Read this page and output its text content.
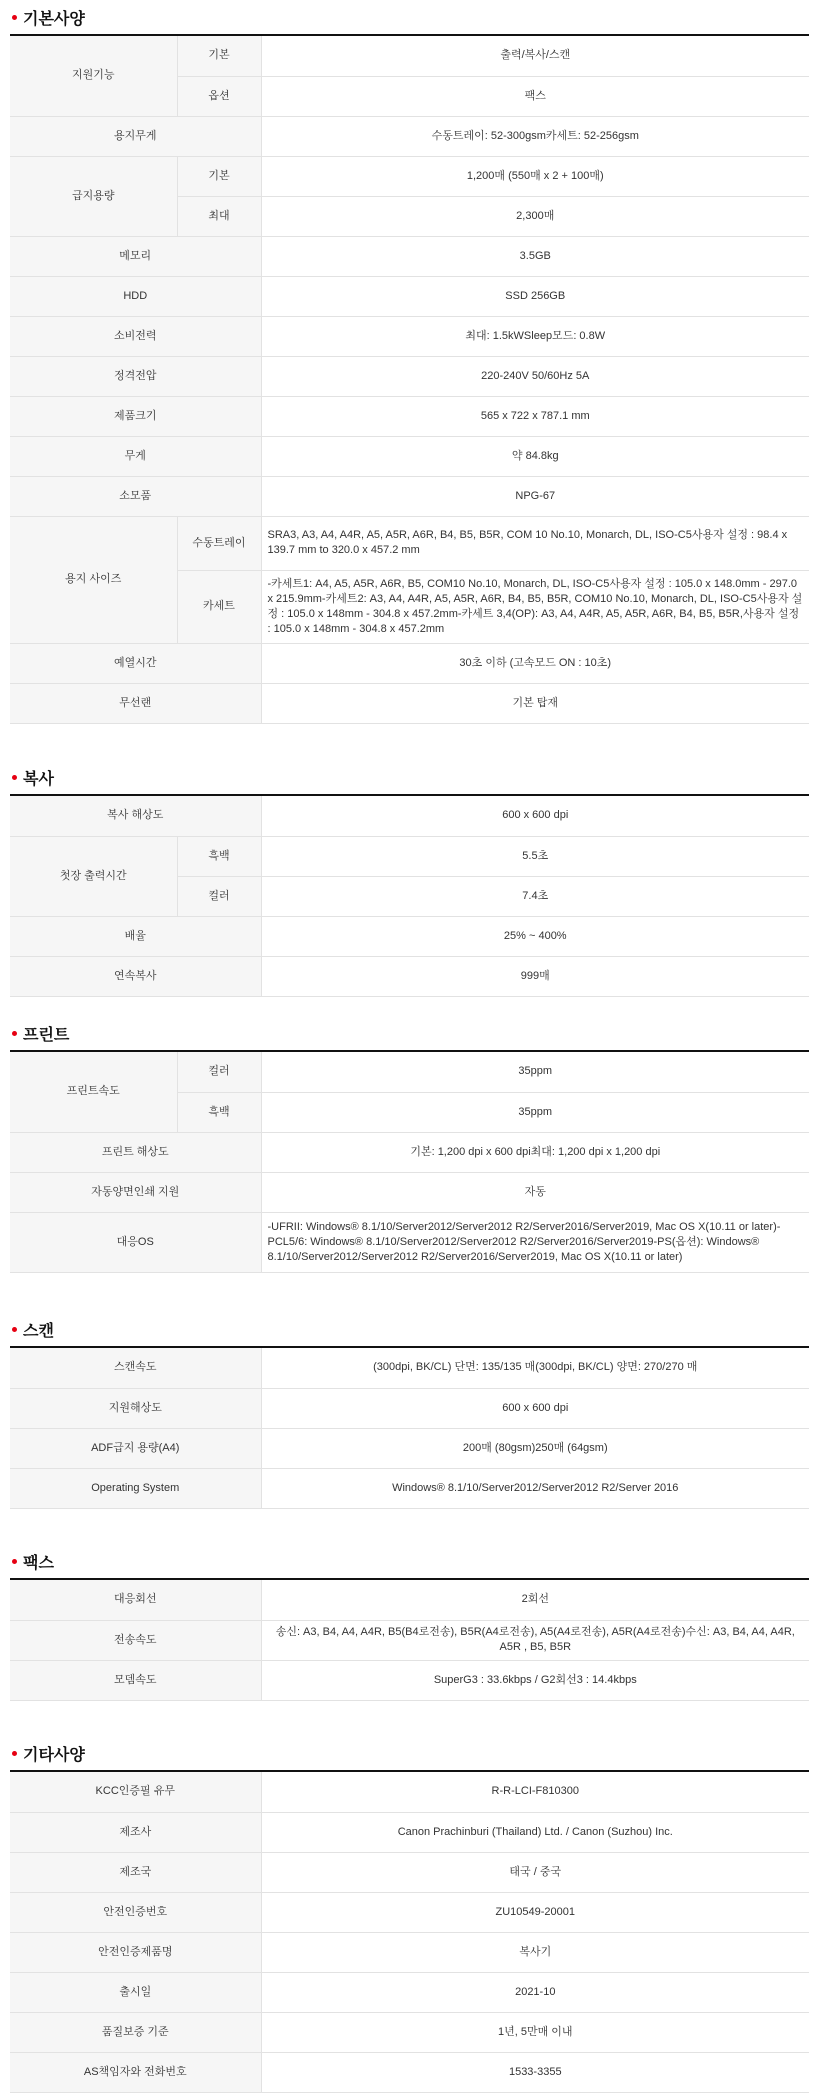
기본사양
지원기능	기본	출력/복사/스캔
	옵션	팩스
용지무게		수동트레이: 52-300gsm카세트: 52-256gsm
급지용량	기본	1,200매 (550매 x 2 + 100매)
	최대	2,300매
메모리		3.5GB
HDD		SSD 256GB
소비전력		최대: 1.5kWSleep모드: 0.8W
정격전압		220-240V 50/60Hz 5A
제품크기		565 x 722 x 787.1 mm
무게		약 84.8kg
소모품		NPG-67
용지 사이즈	수동트레이	SRA3, A3, A4, A4R, A5, A5R, A6R, B4, B5, B5R, COM 10 No.10, Monarch, DL, ISO-C5사용자 설정 : 98.4 x 139.7 mm to 320.0 x 457.2 mm
	카세트	-카세트1: A4, A5, A5R, A6R, B5, COM10 No.10, Monarch, DL, ISO-C5사용자 설정 : 105.0 x 148.0mm - 297.0 x 215.9mm-카세트2: A3, A4, A4R, A5, A5R, A6R, B4, B5, B5R, COM10 No.10, Monarch, DL, ISO-C5사용자 설정 : 105.0 x 148mm - 304.8 x 457.2mm-카세트 3,4(OP): A3, A4, A4R, A5, A5R, A6R, B4, B5, B5R,사용자 설정 : 105.0 x 148mm - 304.8 x 457.2mm
예열시간		30초 이하 (고속모드 ON : 10초)
무선랜		기본 탑재
복사
복사 해상도		600 x 600 dpi
첫장 출력시간	흑백	5.5초
	컬러	7.4초
배율		25% ~ 400%
연속복사		999매
프린트
프린트속도	컬러	35ppm
	흑백	35ppm
프린트 해상도		기본: 1,200 dpi x 600 dpi최대: 1,200 dpi x 1,200 dpi
자동양면인쇄 지원		자동
대응OS		-UFRII: Windows® 8.1/10/Server2012/Server2012 R2/Server2016/Server2019, Mac OS X(10.11 or later)-PCL5/6: Windows® 8.1/10/Server2012/Server2012 R2/Server2016/Server2019-PS(옵션): Windows® 8.1/10/Server2012/Server2012 R2/Server2016/Server2019, Mac OS X(10.11 or later)
스캔
스캔속도	(300dpi, BK/CL) 단면: 135/135 매(300dpi, BK/CL) 양면: 270/270 매
지원해상도	600 x 600 dpi
ADF급지 용량(A4)	200매 (80gsm)250매 (64gsm)
Operating System	Windows® 8.1/10/Server2012/Server2012 R2/Server 2016
팩스
대응회선	2회선
전송속도	송신: A3, B4, A4, A4R, B5(B4로전송), B5R(A4로전송), A5(A4로전송), A5R(A4로전송)수신: A3, B4, A4, A4R, A5R , B5, B5R
모뎀속도	SuperG3 : 33.6kbps / G2회선3 : 14.4kbps
기타사양
KCC인증필 유무	R-R-LCI-F810300
제조사	Canon Prachinburi (Thailand) Ltd. / Canon (Suzhou) Inc.
제조국	태국 / 중국
안전인증번호	ZU10549-20001
안전인증제품명	복사기
출시일	2021-10
품질보증 기준	1년, 5만매 이내
AS책임자와 전화번호	1533-3355
